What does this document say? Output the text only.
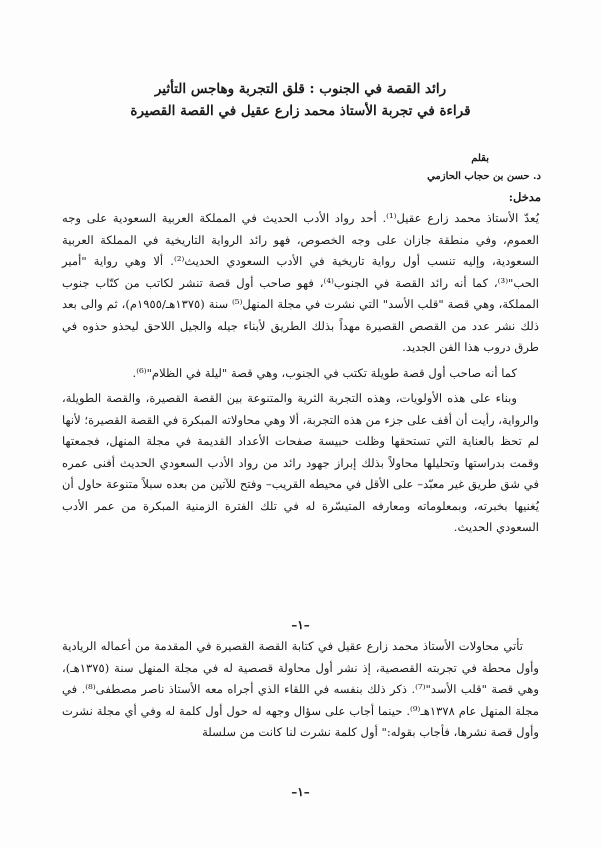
رائد القصة في الجنوب : قلق التجربة وهاجس التأثير
قراءة في تجربة الأستاذ محمد زارع عقيل في القصة القصيرة
بقلم
د. حسن بن حجاب الحازمي
مدخل:

يُعدّ الأستاذ محمد زارع عقيل⁽¹⁾. أحد رواد الأدب الحديث في المملكة العربية السعودية على وجه العموم، وفي منطقة جازان على وجه الخصوص، فهو رائد الرواية التاريخية في المملكة العربية السعودية، وإليه تنسب أول رواية تاريخية في الأدب السعودي الحديث⁽²⁾. ألا وهي رواية "أمير الحب"⁽³⁾، كما أنه رائد القصة في الجنوب⁽⁴⁾، فهو صاحب أول قصة تنشر لكاتب من كتّاب جنوب المملكة، وهي قصة "قلب الأسد" التي نشرت في مجلة المنهل⁽⁵⁾ سنة (١٣٧٥هـ/١٩٥٥م)، ثم والى بعد ذلك نشر عدد من القصص القصيرة مهداً بذلك الطريق لأبناء جيله والجيل اللاحق ليحذو حذوه في طرق دروب هذا الفن الجديد.

كما أنه صاحب أول قصة طويلة تكتب في الجنوب، وهي قصة "ليلة في الظلام"⁽⁶⁾.

وبناء على هذه الأولويات، وهذه التجربة الثرية والمتنوعة بين القصة القصيرة، والقصة الطويلة، والرواية، رأيت أن أقف على جزء من هذه التجربة، ألا وهي محاولاته المبكرة في القصة القصيرة؛ لأنها لم تحظ بالعناية التي تستحقها وظلت حبيسة صفحات الأعداد القديمة في مجلة المنهل، فجمعتها وقمت بدراستها وتحليلها محاولاً بذلك إبراز جهود رائد من رواد الأدب السعودي الحديث أفنى عمره في شق طريق غير معبّد– على الأقل في محيطه القريب– وفتح للآتين من بعده سبلاً متنوعة حاول أن يُغنيها بخبرته، وبمعلوماته ومعارفه المتيسّرة له في تلك الفترة الزمنية المبكرة من عمر الأدب السعودي الحديث.

–١–

تأتي محاولات الأستاذ محمد زارع عقيل في كتابة القصة القصيرة في المقدمة من أعماله الريادية وأول محطة في تجربته القصصية، إذ نشر أول محاولة قصصية له في مجلة المنهل سنة (١٣٧٥هـ)، وهي قصة "قلب الأسد"⁽⁷⁾. ذكر ذلك بنفسه في اللقاء الذي أجراه معه الأستاذ ناصر مصطفى⁽⁸⁾. في مجلة المنهل عام ١٣٧٨هـ⁽⁹⁾. حينما أجاب على سؤال وجهه له حول أول كلمة له وفي أي مجلة نشرت وأول قصة نشرها، فأجاب بقوله:" أول كلمة نشرت لنا كانت من سلسلة

–١–
